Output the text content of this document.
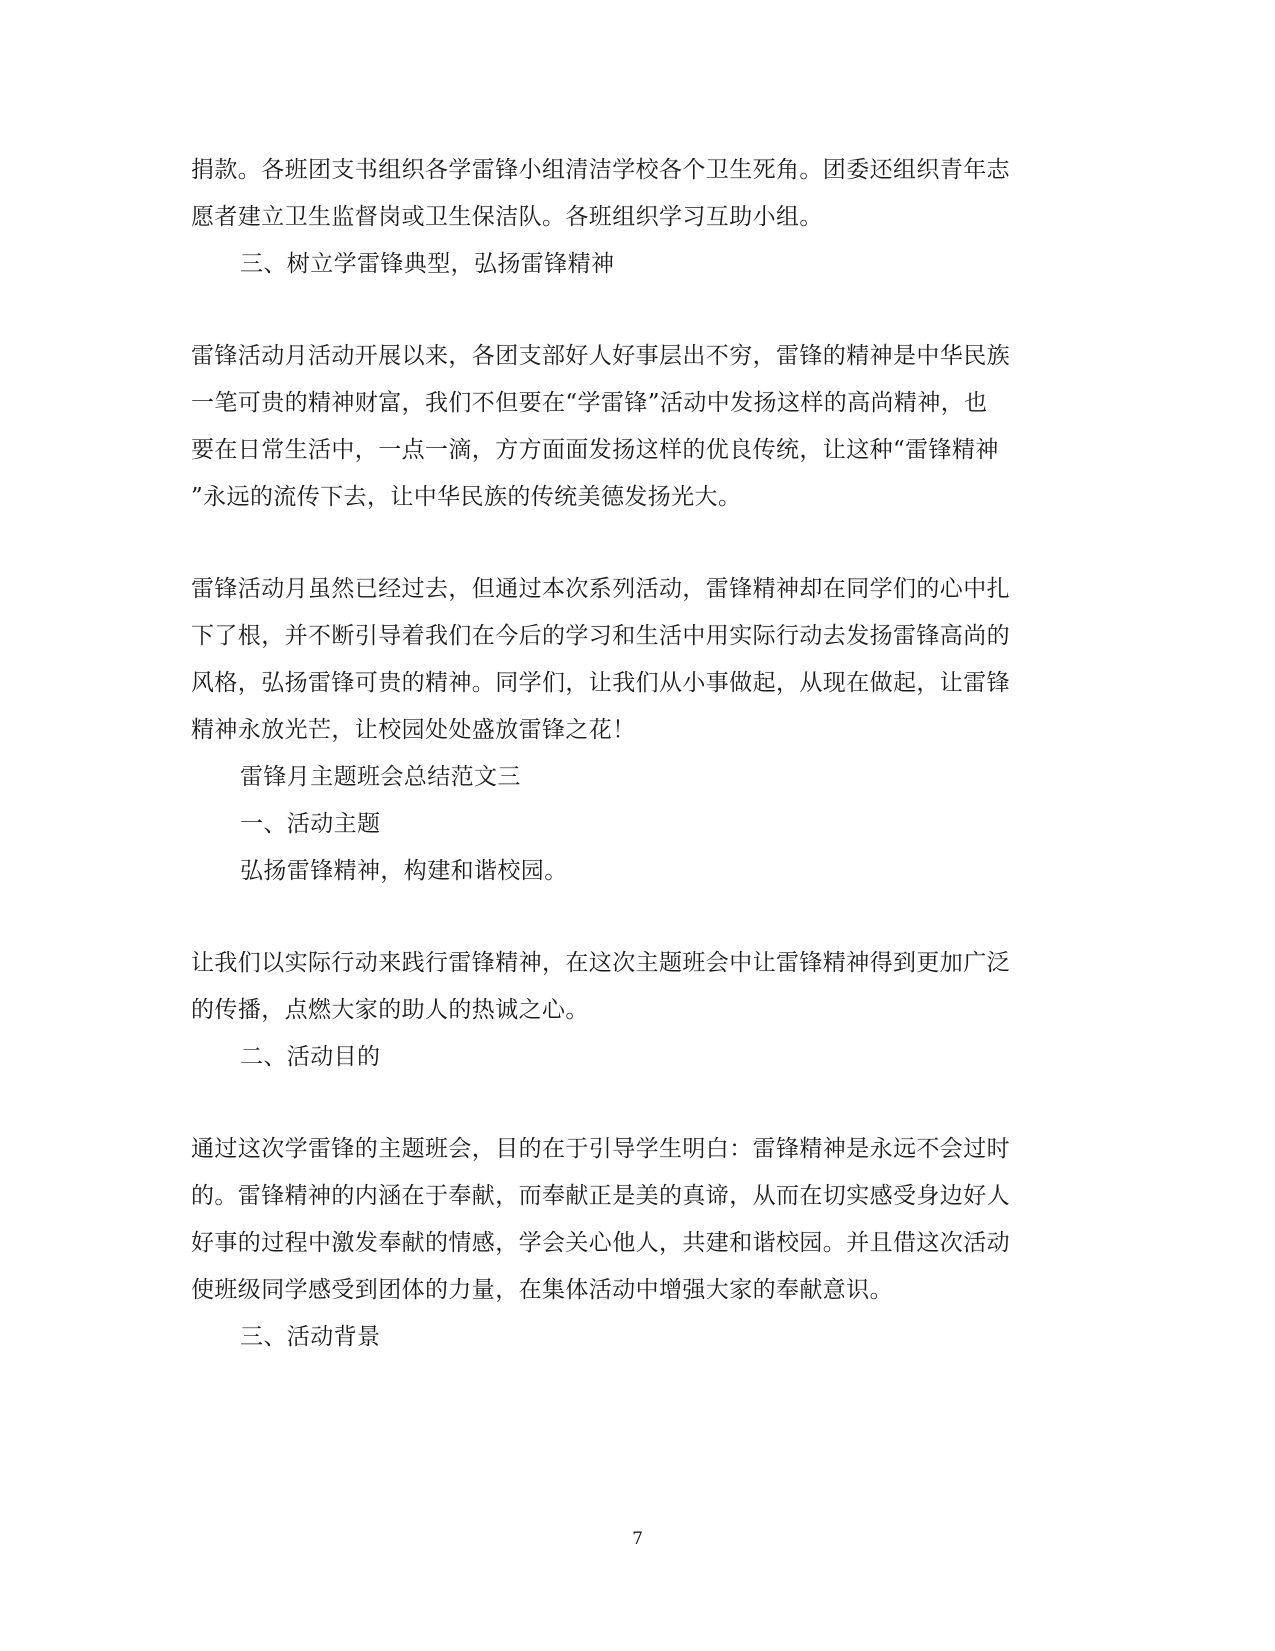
捐款。各班团支书组织各学雷锋小组清洁学校各个卫生死角。团委还组织青年志
愿者建立卫生监督岗或卫生保洁队。各班组织学习互助小组。
三、树立学雷锋典型，弘扬雷锋精神
雷锋活动月活动开展以来，各团支部好人好事层出不穷，雷锋的精神是中华民族
一笔可贵的精神财富，我们不但要在“学雷锋”活动中发扬这样的高尚精神，也
要在日常生活中，一点一滴，方方面面发扬这样的优良传统，让这种“雷锋精神
”永远的流传下去，让中华民族的传统美德发扬光大。
雷锋活动月虽然已经过去，但通过本次系列活动，雷锋精神却在同学们的心中扎
下了根，并不断引导着我们在今后的学习和生活中用实际行动去发扬雷锋高尚的
风格，弘扬雷锋可贵的精神。同学们，让我们从小事做起，从现在做起，让雷锋
精神永放光芒，让校园处处盛放雷锋之花！
雷锋月主题班会总结范文三
一、活动主题
弘扬雷锋精神，构建和谐校园。
让我们以实际行动来践行雷锋精神，在这次主题班会中让雷锋精神得到更加广泛
的传播，点燃大家的助人的热诚之心。
二、活动目的
通过这次学雷锋的主题班会，目的在于引导学生明白：雷锋精神是永远不会过时
的。雷锋精神的内涵在于奉献，而奉献正是美的真谛，从而在切实感受身边好人
好事的过程中激发奉献的情感，学会关心他人，共建和谐校园。并且借这次活动
使班级同学感受到团体的力量，在集体活动中增强大家的奉献意识。
三、活动背景
7
